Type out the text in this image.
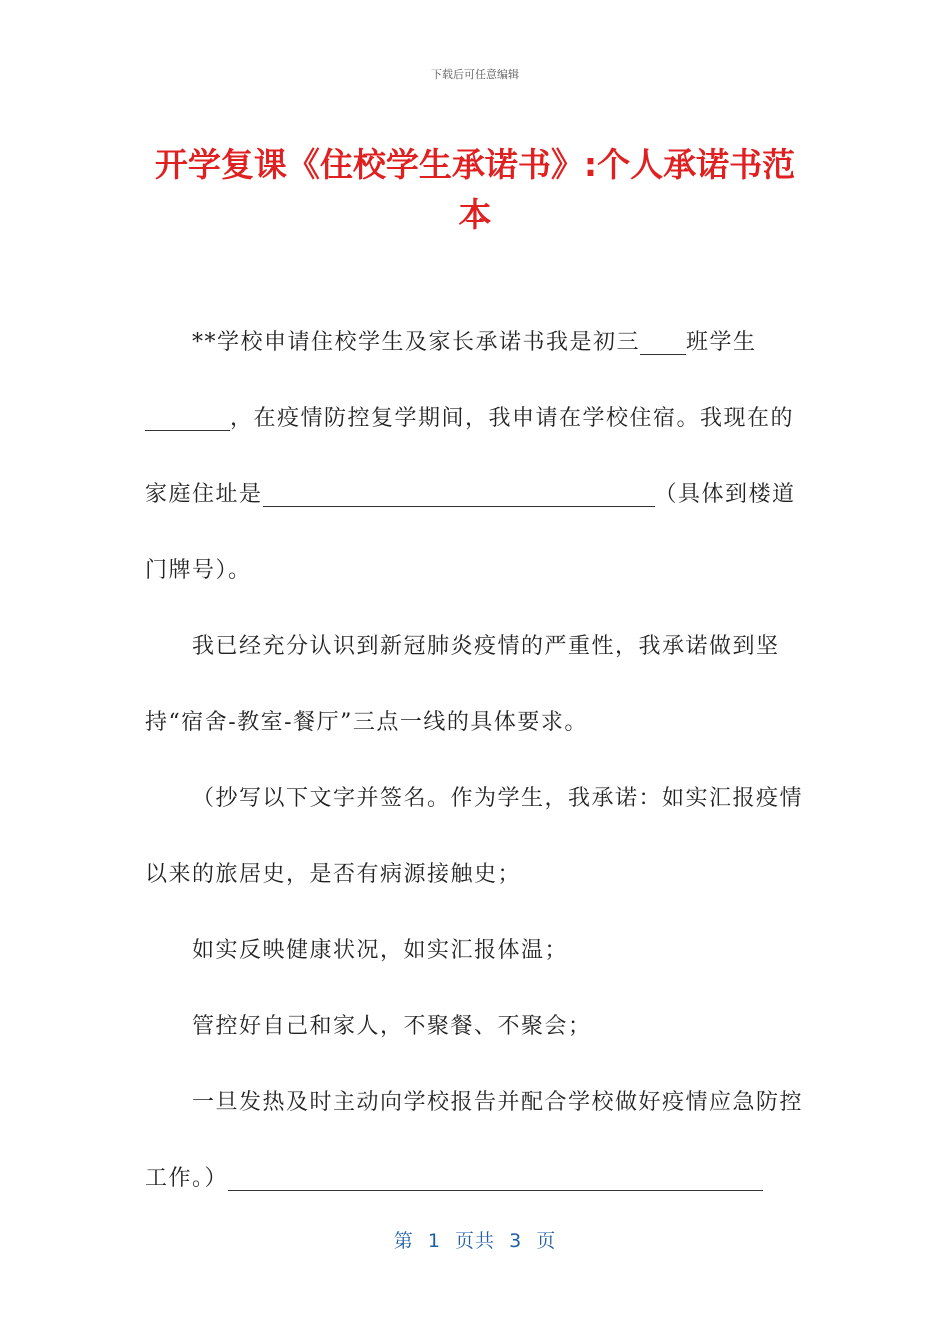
下载后可任意编辑
开学复课《住校学生承诺书》:个人承诺书范本

**学校申请住校学生及家长承诺书我是初三 班学生，在疫情防控复学期间，我申请在学校住宿。我现在的家庭住址是	（具体到楼道门牌号）。

我已经充分认识到新冠肺炎疫情的严重性，我承诺做到坚持“宿舍-教室-餐厅”三点一线的具体要求。

（抄写以下文字并签名。作为学生，我承诺：如实汇报疫情以来的旅居史，是否有病源接触史；

如实反映健康状况，如实汇报体温；

管控好自己和家人，不聚餐、不聚会；

一旦发热及时主动向学校报告并配合学校做好疫情应急防控工作。）

第  1  页共  3  页
